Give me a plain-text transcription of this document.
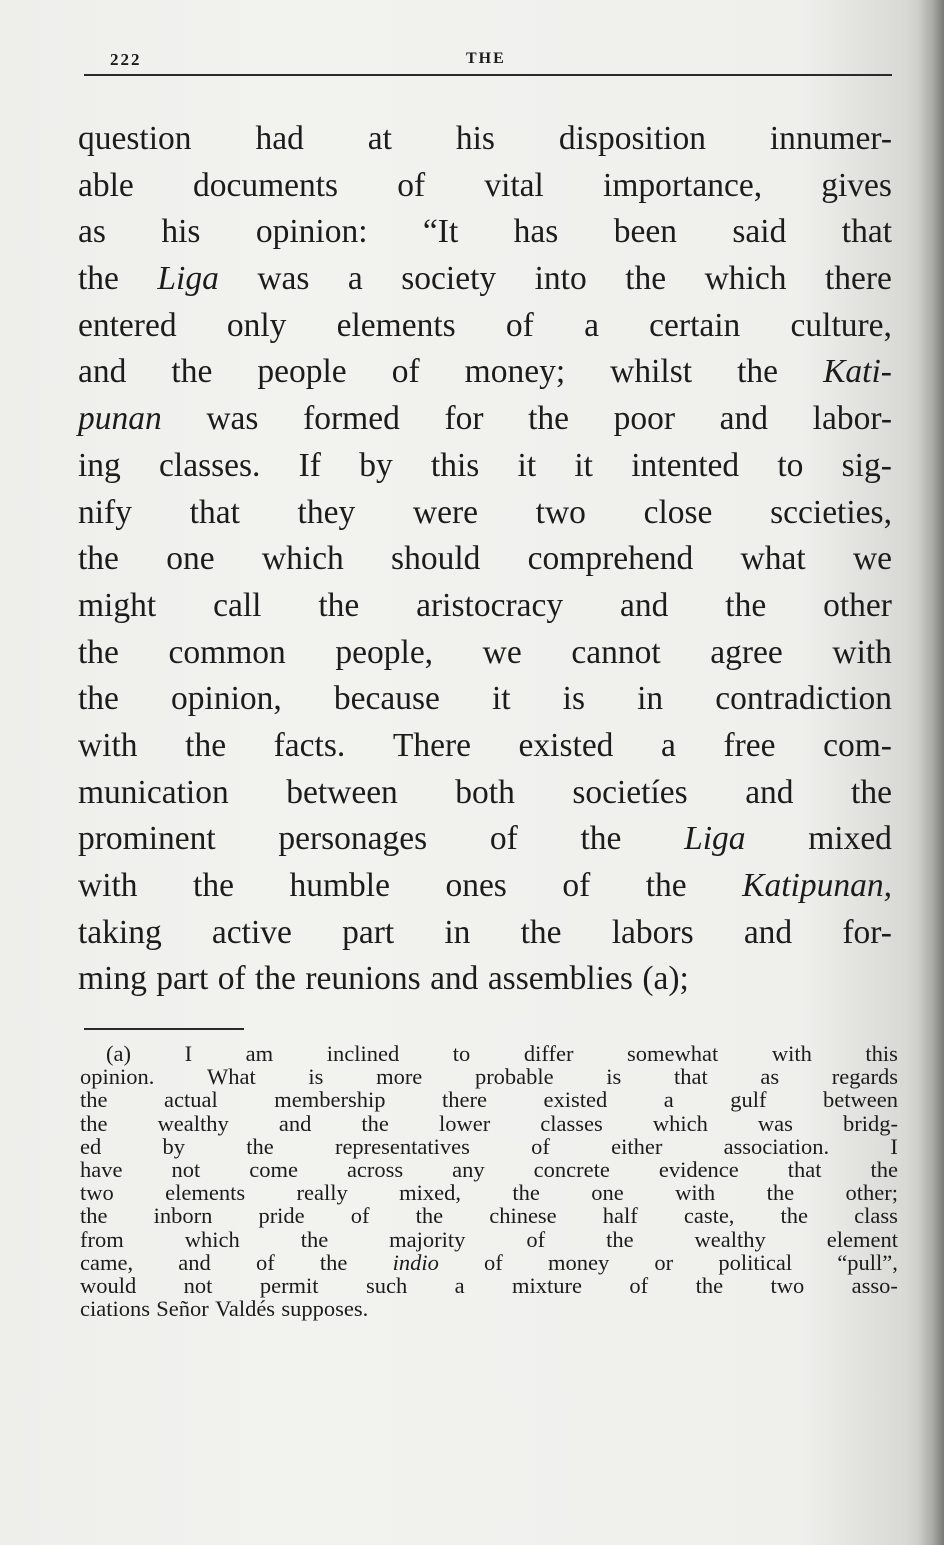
222	THE
question had at his disposition innumer-
able documents of vital importance, gives
as his opinion: “It has been said that
the Liga was a society into the which there
entered only elements of a certain culture,
and the people of money; whilst the Kati-
punan was formed for the poor and labor-
ing classes. If by this it it intented to sig-
nify that they were two close sccieties,
the one which should comprehend what we
might call the aristocracy and the other
the common people, we cannot agree with
the opinion, because it is in contradiction
with the facts. There existed a free com-
munication between both societíes and the
prominent personages of the Liga mixed
with the humble ones of the Katipunan,
taking active part in the labors and for-
ming part of the reunions and assemblies (a);
(a) I am inclined to differ somewhat with this
opinion. What is more probable is that as regards
the	actual	membership	there	existed	a	gulf	between
the wealthy and the lower classes which was bridg-
ed	by	the	representatives	of	either	association.	I
have not come across any concrete evidence that the
two elements really mixed, the one with the other;
the inborn pride of the chinese half caste, the class
from	which	the	majority	of	the	wealthy	element
came, and of the indio of money or political “pull”,
would not permit such a mixture of the two asso-
ciations Señor Valdés supposes.
